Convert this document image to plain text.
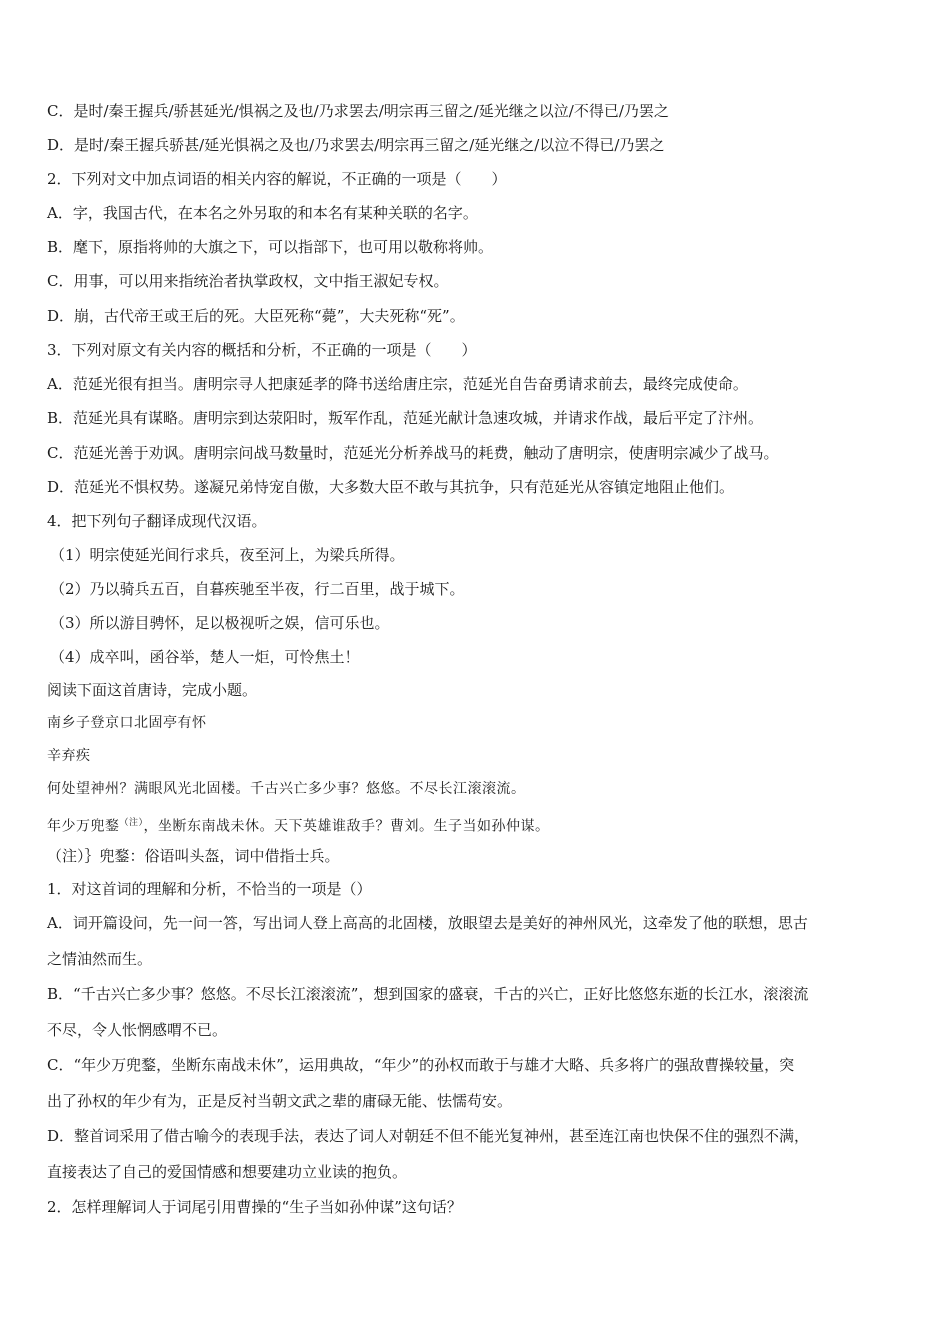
C．是时/秦王握兵/骄甚延光/惧祸之及也/乃求罢去/明宗再三留之/延光继之以泣/不得已/乃罢之
D．是时/秦王握兵骄甚/延光惧祸之及也/乃求罢去/明宗再三留之/延光继之/以泣不得已/乃罢之
2．下列对文中加点词语的相关内容的解说，不正确的一项是（　　）
A．字，我国古代，在本名之外另取的和本名有某种关联的名字。
B．麾下，原指将帅的大旗之下，可以指部下，也可用以敬称将帅。
C．用事，可以用来指统治者执掌政权，文中指王淑妃专权。
D．崩，古代帝王或王后的死。大臣死称“薨”，大夫死称“死”。
3．下列对原文有关内容的概括和分析，不正确的一项是（　　）
A．范延光很有担当。唐明宗寻人把康延孝的降书送给唐庄宗，范延光自告奋勇请求前去，最终完成使命。
B．范延光具有谋略。唐明宗到达荥阳时，叛军作乱，范延光献计急速攻城，并请求作战，最后平定了汴州。
C．范延光善于劝讽。唐明宗问战马数量时，范延光分析养战马的耗费，触动了唐明宗，使唐明宗减少了战马。
D．范延光不惧权势。遂凝兄弟恃宠自傲，大多数大臣不敢与其抗争，只有范延光从容镇定地阻止他们。
4．把下列句子翻译成现代汉语。
（1）明宗使延光间行求兵，夜至河上，为梁兵所得。
（2）乃以骑兵五百，自暮疾驰至半夜，行二百里，战于城下。
（3）所以游目骋怀，足以极视听之娱，信可乐也。
（4）成卒叫，函谷举，楚人一炬，可怜焦土！
阅读下面这首唐诗，完成小题。
南乡子登京口北固亭有怀
辛弃疾
何处望神州？满眼风光北固楼。千古兴亡多少事？悠悠。不尽长江滚滚流。
年少万兜鍪$^{(注)}$，坐断东南战未休。天下英雄谁敌手？曹刘。生子当如孙仲谋。
（注）｝兜鍪：俗语叫头盔，词中借指士兵。
1．对这首词的理解和分析，不恰当的一项是（）
A．词开篇设问，先一问一答，写出词人登上高高的北固楼，放眼望去是美好的神州风光，这牵发了他的联想，思古
之情油然而生。
B．“千古兴亡多少事？悠悠。不尽长江滚滚流”，想到国家的盛衰，千古的兴亡，正好比悠悠东逝的长江水，滚滚流
不尽，令人怅惘感喟不已。
C．“年少万兜鍪，坐断东南战未休”，运用典故，“年少”的孙权而敢于与雄才大略、兵多将广的强敌曹操较量，突
出了孙权的年少有为，正是反衬当朝文武之辈的庸碌无能、怯懦苟安。
D．整首词采用了借古喻今的表现手法，表达了词人对朝廷不但不能光复神州，甚至连江南也快保不住的强烈不满，
直接表达了自己的爱国情感和想要建功立业读的抱负。
2．怎样理解词人于词尾引用曹操的“生子当如孙仲谋”这句话？
